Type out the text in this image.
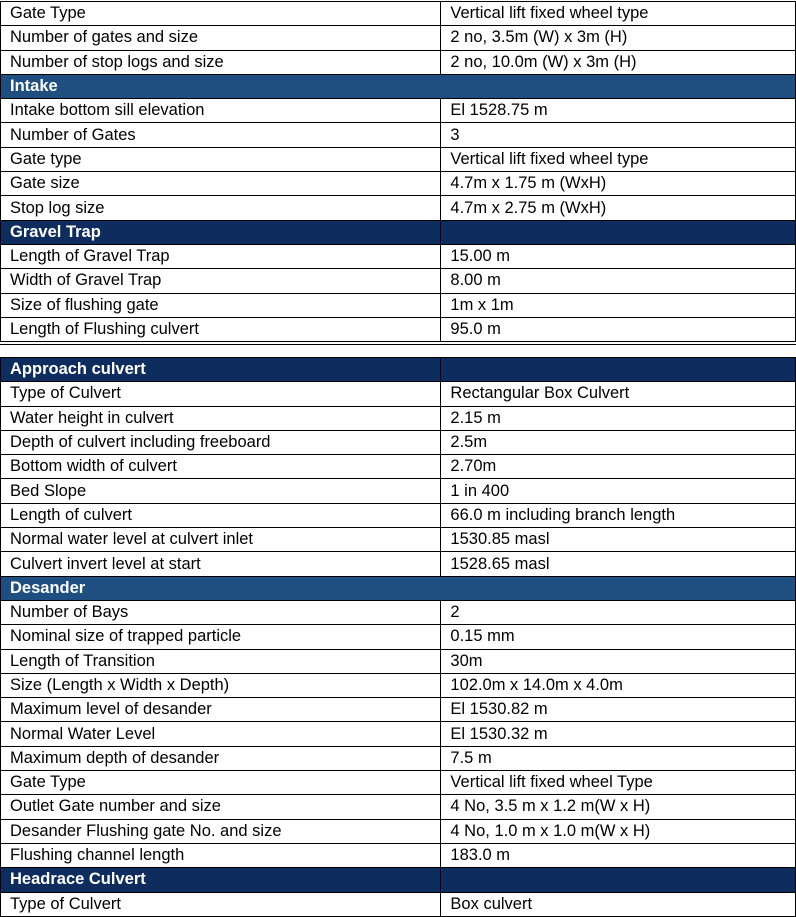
Gate Type	Vertical lift fixed wheel type
Number of gates and size	2 no, 3.5m (W) x 3m (H)
Number of stop logs and size	2 no, 10.0m (W) x 3m (H)
Intake	
Intake bottom sill elevation	El 1528.75 m
Number of Gates	3
Gate type	Vertical lift fixed wheel type
Gate size	4.7m x 1.75 m (WxH)
Stop log size	4.7m x 2.75 m (WxH)
Gravel Trap	
Length of Gravel Trap	15.00 m
Width of Gravel Trap	8.00 m
Size of flushing gate	1m x 1m
Length of Flushing culvert	95.0 m
Approach culvert	
Type of Culvert	Rectangular Box Culvert
Water height in culvert	2.15 m
Depth of culvert including freeboard	2.5m
Bottom width of culvert	2.70m
Bed Slope	1 in 400
Length of culvert	66.0 m including branch length
Normal water level at culvert inlet	1530.85 masl
Culvert invert level at start	1528.65 masl
Desander	
Number of Bays	2
Nominal size of trapped particle	0.15 mm
Length of Transition	30m
Size (Length x Width x Depth)	102.0m x 14.0m x 4.0m
Maximum level of desander	El 1530.82 m
Normal Water Level	El 1530.32 m
Maximum depth of desander	7.5 m
Gate Type	Vertical lift fixed wheel Type
Outlet Gate number and size	4 No, 3.5 m x 1.2 m(W x H)
Desander Flushing gate No. and size	4 No, 1.0 m x 1.0 m(W x H)
Flushing channel length	183.0 m
Headrace Culvert	
Type of Culvert	Box culvert
